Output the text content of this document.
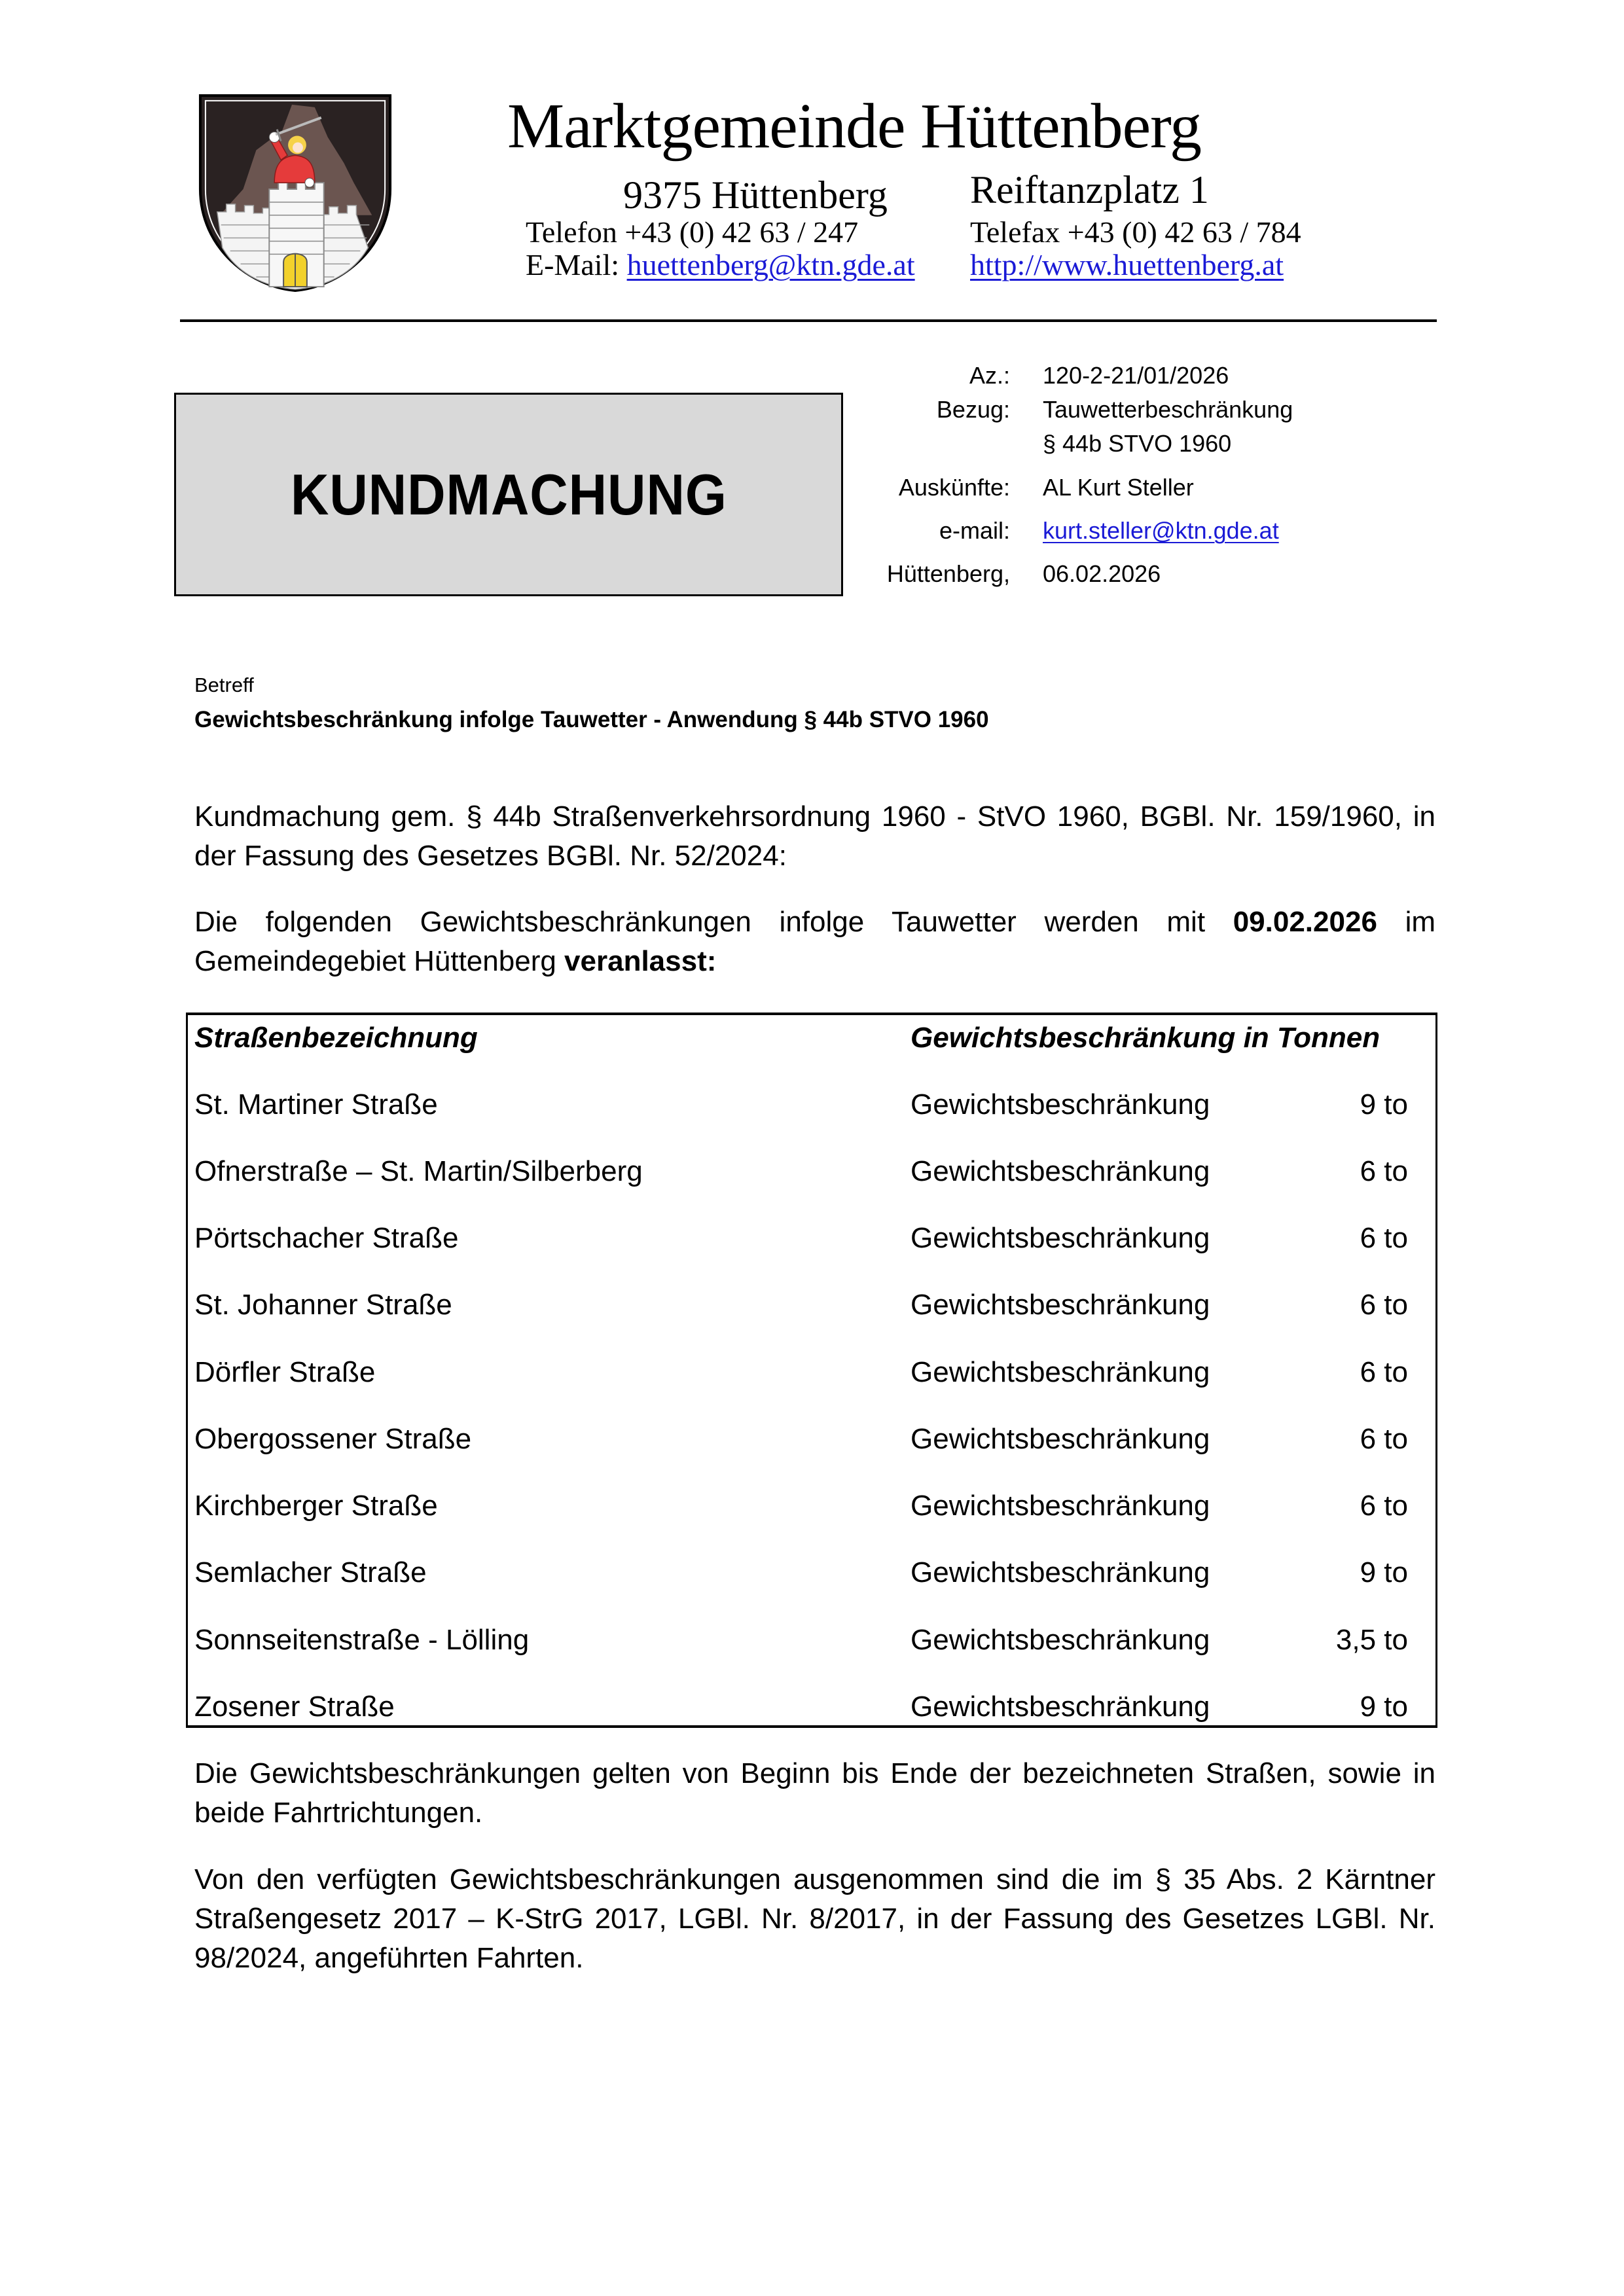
Marktgemeinde Hüttenberg
9375 Hüttenberg Reiftanzplatz 1
Telefon +43 (0) 42 63 / 247	Telefax +43 (0) 42 63 / 784
E-Mail: huettenberg@ktn.gde.at http://www.huettenberg.at
KUNDMACHUNG
Az.: 120-2-21/01/2026
Bezug: Tauwetterbeschränkung
§ 44b STVO 1960
Auskünfte: AL Kurt Steller
e-mail: kurt.steller@ktn.gde.at
Hüttenberg, 06.02.2026
Betreff
Gewichtsbeschränkung infolge Tauwetter - Anwendung § 44b STVO 1960
Kundmachung gem. § 44b Straßenverkehrsordnung 1960 - StVO 1960, BGBl. Nr. 159/1960, in der Fassung des Gesetzes BGBl. Nr. 52/2024:
Die folgenden Gewichtsbeschränkungen infolge Tauwetter werden mit 09.02.2026 im Gemeindegebiet Hüttenberg veranlasst:
Straßenbezeichnung	Gewichtsbeschränkung in Tonnen
St. Martiner Straße	Gewichtsbeschränkung	9 to
Ofnerstraße – St. Martin/Silberberg	Gewichtsbeschränkung	6 to
Pörtschacher Straße	Gewichtsbeschränkung	6 to
St. Johanner Straße	Gewichtsbeschränkung	6 to
Dörfler Straße	Gewichtsbeschränkung	6 to
Obergossener Straße	Gewichtsbeschränkung	6 to
Kirchberger Straße	Gewichtsbeschränkung	6 to
Semlacher Straße	Gewichtsbeschränkung	9 to
Sonnseitenstraße - Lölling	Gewichtsbeschränkung	3,5 to
Zosener Straße	Gewichtsbeschränkung	9 to
Die Gewichtsbeschränkungen gelten von Beginn bis Ende der bezeichneten Straßen, sowie in beide Fahrtrichtungen.
Von den verfügten Gewichtsbeschränkungen ausgenommen sind die im § 35 Abs. 2 Kärntner Straßengesetz 2017 – K-StrG 2017, LGBl. Nr. 8/2017, in der Fassung des Gesetzes LGBl. Nr. 98/2024, angeführten Fahrten.
